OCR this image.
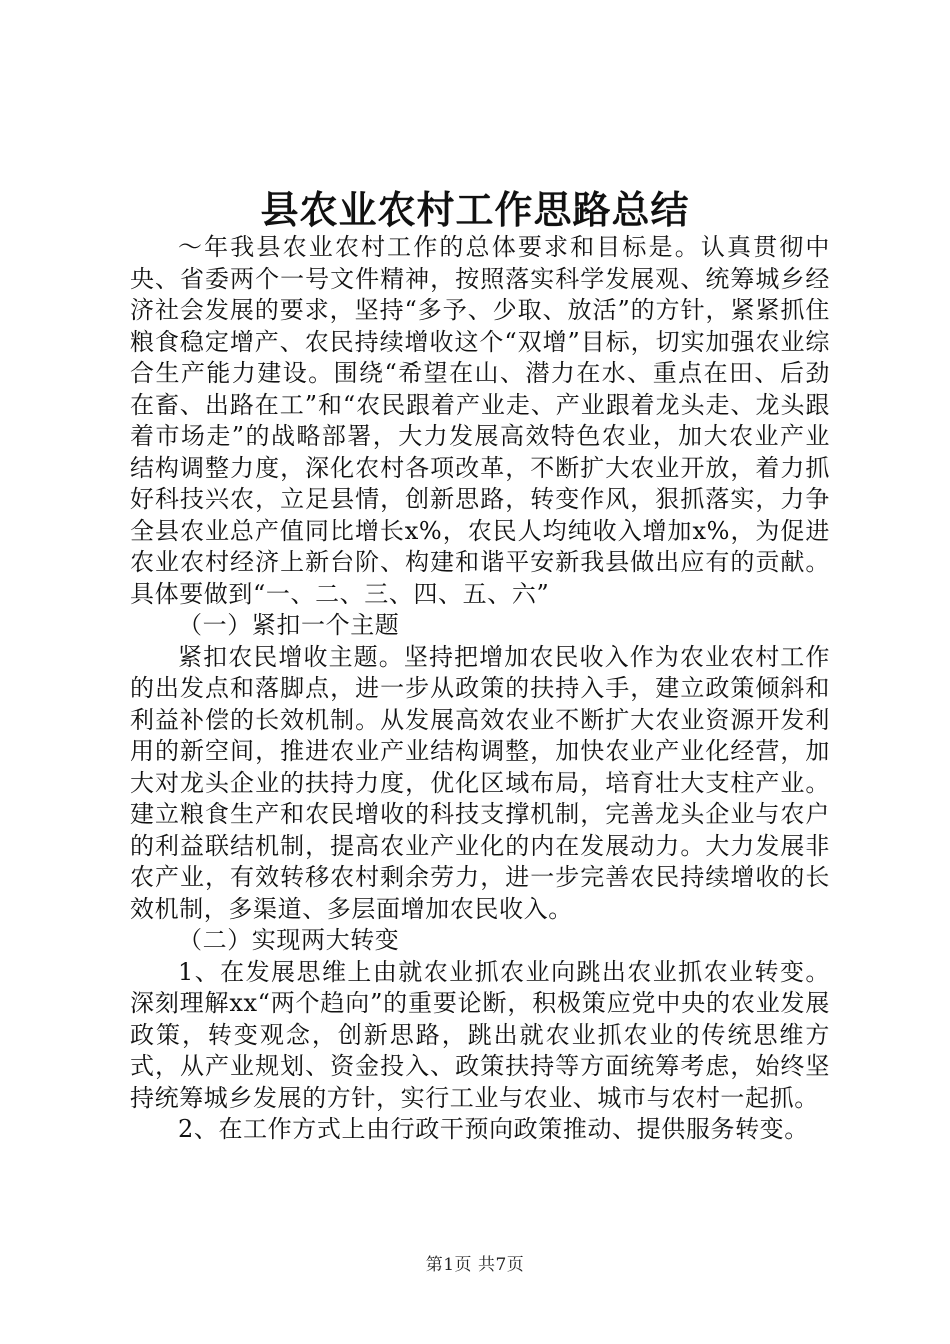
县农业农村工作思路总结

～年我县农业农村工作的总体要求和目标是。认真贯彻中央、省委两个一号文件精神，按照落实科学发展观、统筹城乡经济社会发展的要求，坚持“多予、少取、放活”的方针，紧紧抓住粮食稳定增产、农民持续增收这个“双增”目标，切实加强农业综合生产能力建设。围绕“希望在山、潜力在水、重点在田、后劲在畜、出路在工”和“农民跟着产业走、产业跟着龙头走、龙头跟着市场走”的战略部署，大力发展高效特色农业，加大农业产业结构调整力度，深化农村各项改革，不断扩大农业开放，着力抓好科技兴农，立足县情，创新思路，转变作风，狠抓落实，力争全县农业总产值同比增长x%，农民人均纯收入增加x%，为促进农业农村经济上新台阶、构建和谐平安新我县做出应有的贡献。具体要做到“一、二、三、四、五、六”

（一）紧扣一个主题

紧扣农民增收主题。坚持把增加农民收入作为农业农村工作的出发点和落脚点，进一步从政策的扶持入手，建立政策倾斜和利益补偿的长效机制。从发展高效农业不断扩大农业资源开发利用的新空间，推进农业产业结构调整，加快农业产业化经营，加大对龙头企业的扶持力度，优化区域布局，培育壮大支柱产业。建立粮食生产和农民增收的科技支撑机制，完善龙头企业与农户的利益联结机制，提高农业产业化的内在发展动力。大力发展非农产业，有效转移农村剩余劳力，进一步完善农民持续增收的长效机制，多渠道、多层面增加农民收入。

（二）实现两大转变

1、在发展思维上由就农业抓农业向跳出农业抓农业转变。深刻理解xx“两个趋向”的重要论断，积极策应党中央的农业发展政策，转变观念，创新思路，跳出就农业抓农业的传统思维方式，从产业规划、资金投入、政策扶持等方面统筹考虑，始终坚持统筹城乡发展的方针，实行工业与农业、城市与农村一起抓。

2、在工作方式上由行政干预向政策推动、提供服务转变。

第1页 共7页
